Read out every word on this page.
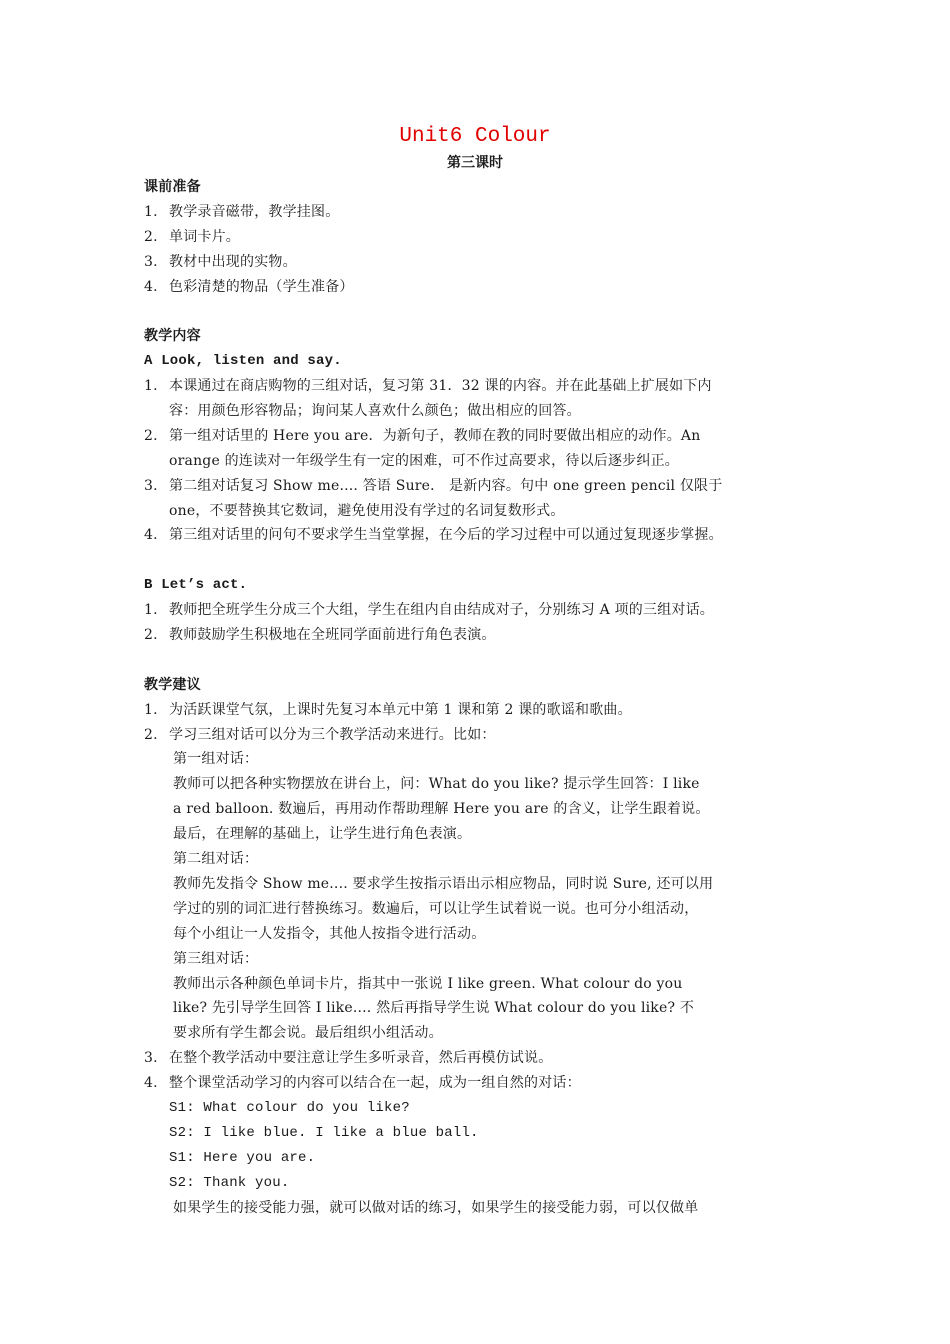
Unit6 Colour
第三课时
课前准备
1. 教学录音磁带，教学挂图。
2. 单词卡片。
3. 教材中出现的实物。
4. 色彩清楚的物品（学生准备）
教学内容
A Look, listen and say.
1. 本课通过在商店购物的三组对话，复习第 31．32 课的内容。并在此基础上扩展如下内
容：用颜色形容物品；询问某人喜欢什么颜色；做出相应的回答。
2. 第一组对话里的 Here you are．为新句子，教师在教的同时要做出相应的动作。An
orange 的连读对一年级学生有一定的困难，可不作过高要求，待以后逐步纠正。
3. 第二组对话复习 Show me.... 答语 Sure． 是新内容。句中 one green pencil 仅限于
one，不要替换其它数词，避免使用没有学过的名词复数形式。
4. 第三组对话里的问句不要求学生当堂掌握，在今后的学习过程中可以通过复现逐步掌握。
B Let’s act.
1. 教师把全班学生分成三个大组，学生在组内自由结成对子，分别练习 A 项的三组对话。
2. 教师鼓励学生积极地在全班同学面前进行角色表演。
教学建议
1. 为活跃课堂气氛，上课时先复习本单元中第 1 课和第 2 课的歌谣和歌曲。
2. 学习三组对话可以分为三个教学活动来进行。比如：
第一组对话：
教师可以把各种实物摆放在讲台上，问：What do you like? 提示学生回答：I like
a red balloon. 数遍后，再用动作帮助理解 Here you are 的含义，让学生跟着说。
最后，在理解的基础上，让学生进行角色表演。
第二组对话：
教师先发指令 Show me.... 要求学生按指示语出示相应物品，同时说 Sure, 还可以用
学过的别的词汇进行替换练习。数遍后，可以让学生试着说一说。也可分小组活动，
每个小组让一人发指令，其他人按指令进行活动。
第三组对话：
教师出示各种颜色单词卡片，指其中一张说 I like green. What colour do you
like? 先引导学生回答 I like.... 然后再指导学生说 What colour do you like? 不
要求所有学生都会说。最后组织小组活动。
3. 在整个教学活动中要注意让学生多听录音，然后再模仿试说。
4. 整个课堂活动学习的内容可以结合在一起，成为一组自然的对话：
S1: What colour do you like?
S2: I like blue. I like a blue ball.
S1: Here you are.
S2: Thank you.
如果学生的接受能力强，就可以做对话的练习，如果学生的接受能力弱，可以仅做单
